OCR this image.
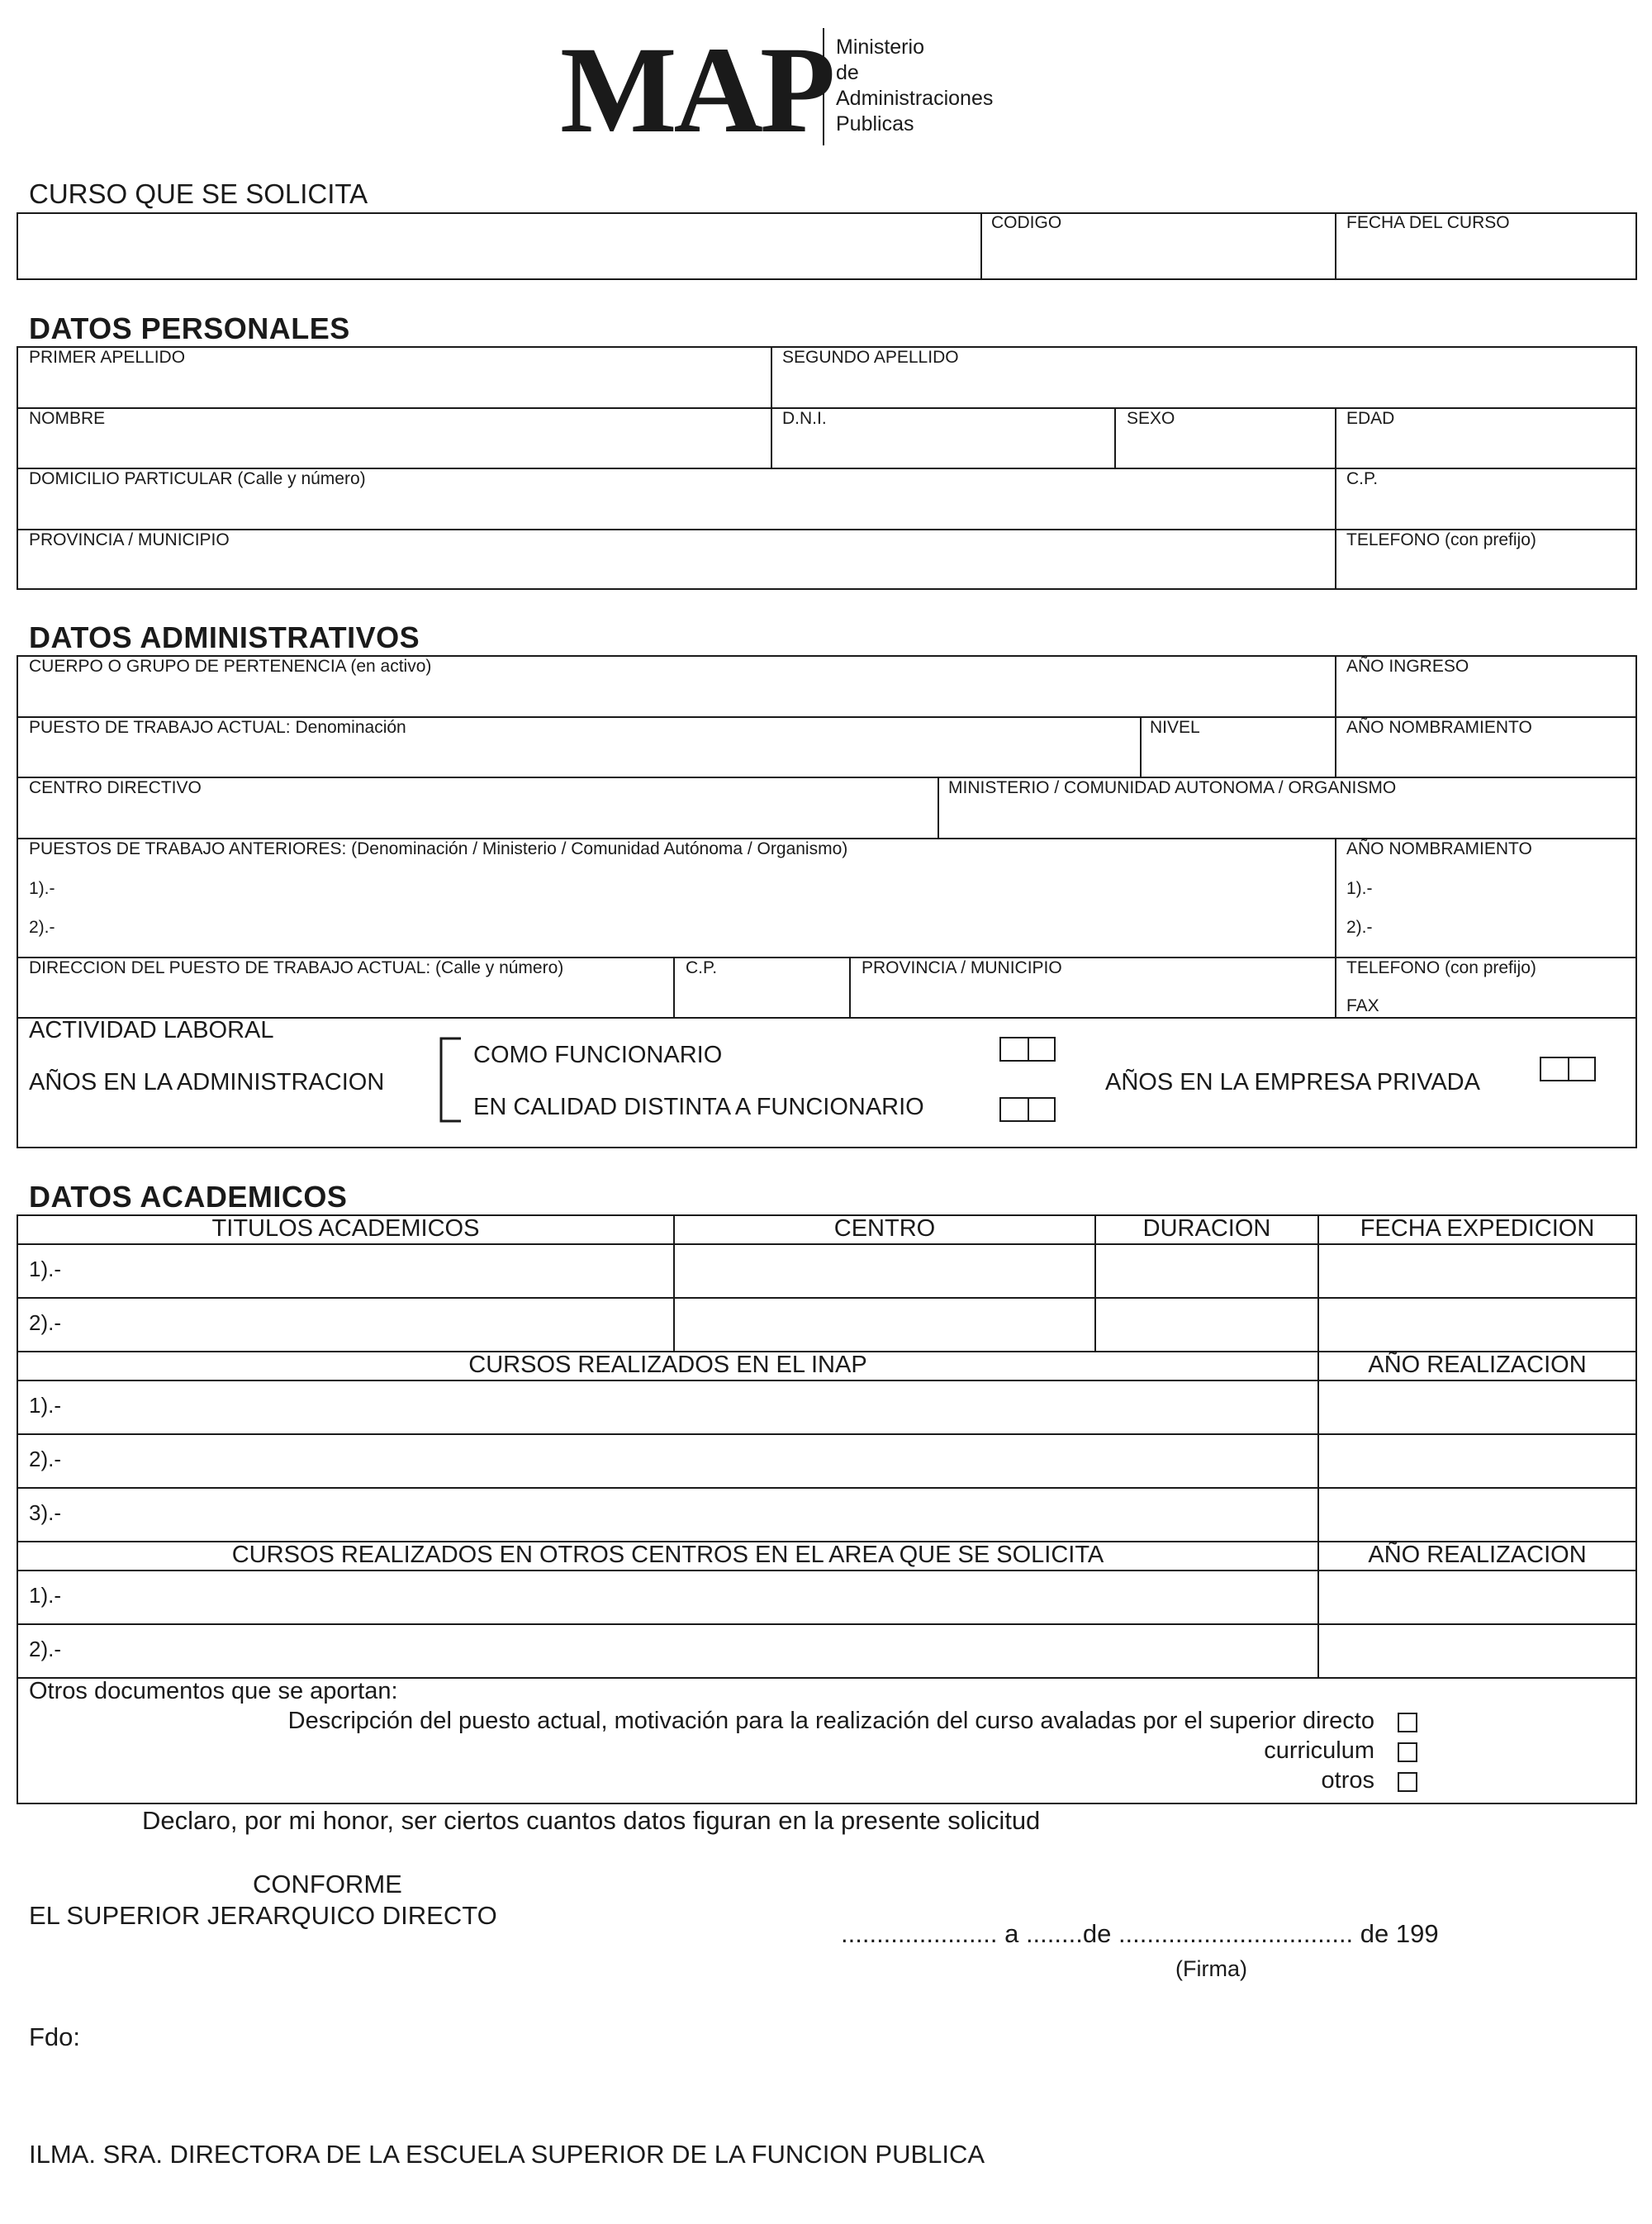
MAP Ministerio
de
Administraciones
Publicas
CURSO QUE SE SOLICITA
CODIGO	FECHA DEL CURSO
DATOS PERSONALES
PRIMER APELLIDO	SEGUNDO APELLIDO
NOMBRE	D.N.I.	SEXO	EDAD
DOMICILIO PARTICULAR (Calle y número)	C.P.
PROVINCIA / MUNICIPIO	TELEFONO (con prefijo)
DATOS ADMINISTRATIVOS
CUERPO O GRUPO DE PERTENENCIA (en activo)	AÑO INGRESO
PUESTO DE TRABAJO ACTUAL: Denominación	NIVEL	AÑO NOMBRAMIENTO
CENTRO DIRECTIVO	MINISTERIO / COMUNIDAD AUTONOMA / ORGANISMO
PUESTOS DE TRABAJO ANTERIORES: (Denominación / Ministerio / Comunidad Autónoma / Organismo)
1).-
2).-
AÑO NOMBRAMIENTO
1).-
2).-
DIRECCION DEL PUESTO DE TRABAJO ACTUAL: (Calle y número)	C.P.	PROVINCIA / MUNICIPIO	TELEFONO (con prefijo)
FAX
ACTIVIDAD LABORAL
AÑOS EN LA ADMINISTRACION
COMO FUNCIONARIO
EN CALIDAD DISTINTA A FUNCIONARIO
AÑOS EN LA EMPRESA PRIVADA
DATOS ACADEMICOS
TITULOS ACADEMICOS	CENTRO	DURACION	FECHA EXPEDICION
1).-
2).-
CURSOS REALIZADOS EN EL INAP	AÑO REALIZACION
1).-
2).-
3).-
CURSOS REALIZADOS EN OTROS CENTROS EN EL AREA QUE SE SOLICITA	AÑO REALIZACION
1).-
2).-
Otros documentos que se aportan:
Descripción del puesto actual, motivación para la realización del curso avaladas por el superior directo
curriculum
otros
Declaro, por mi honor, ser ciertos cuantos datos figuran en la presente solicitud
CONFORME
EL SUPERIOR JERARQUICO DIRECTO
...................... a ........de ................................. de 199
(Firma)
Fdo:
ILMA. SRA. DIRECTORA DE LA ESCUELA SUPERIOR DE LA FUNCION PUBLICA
